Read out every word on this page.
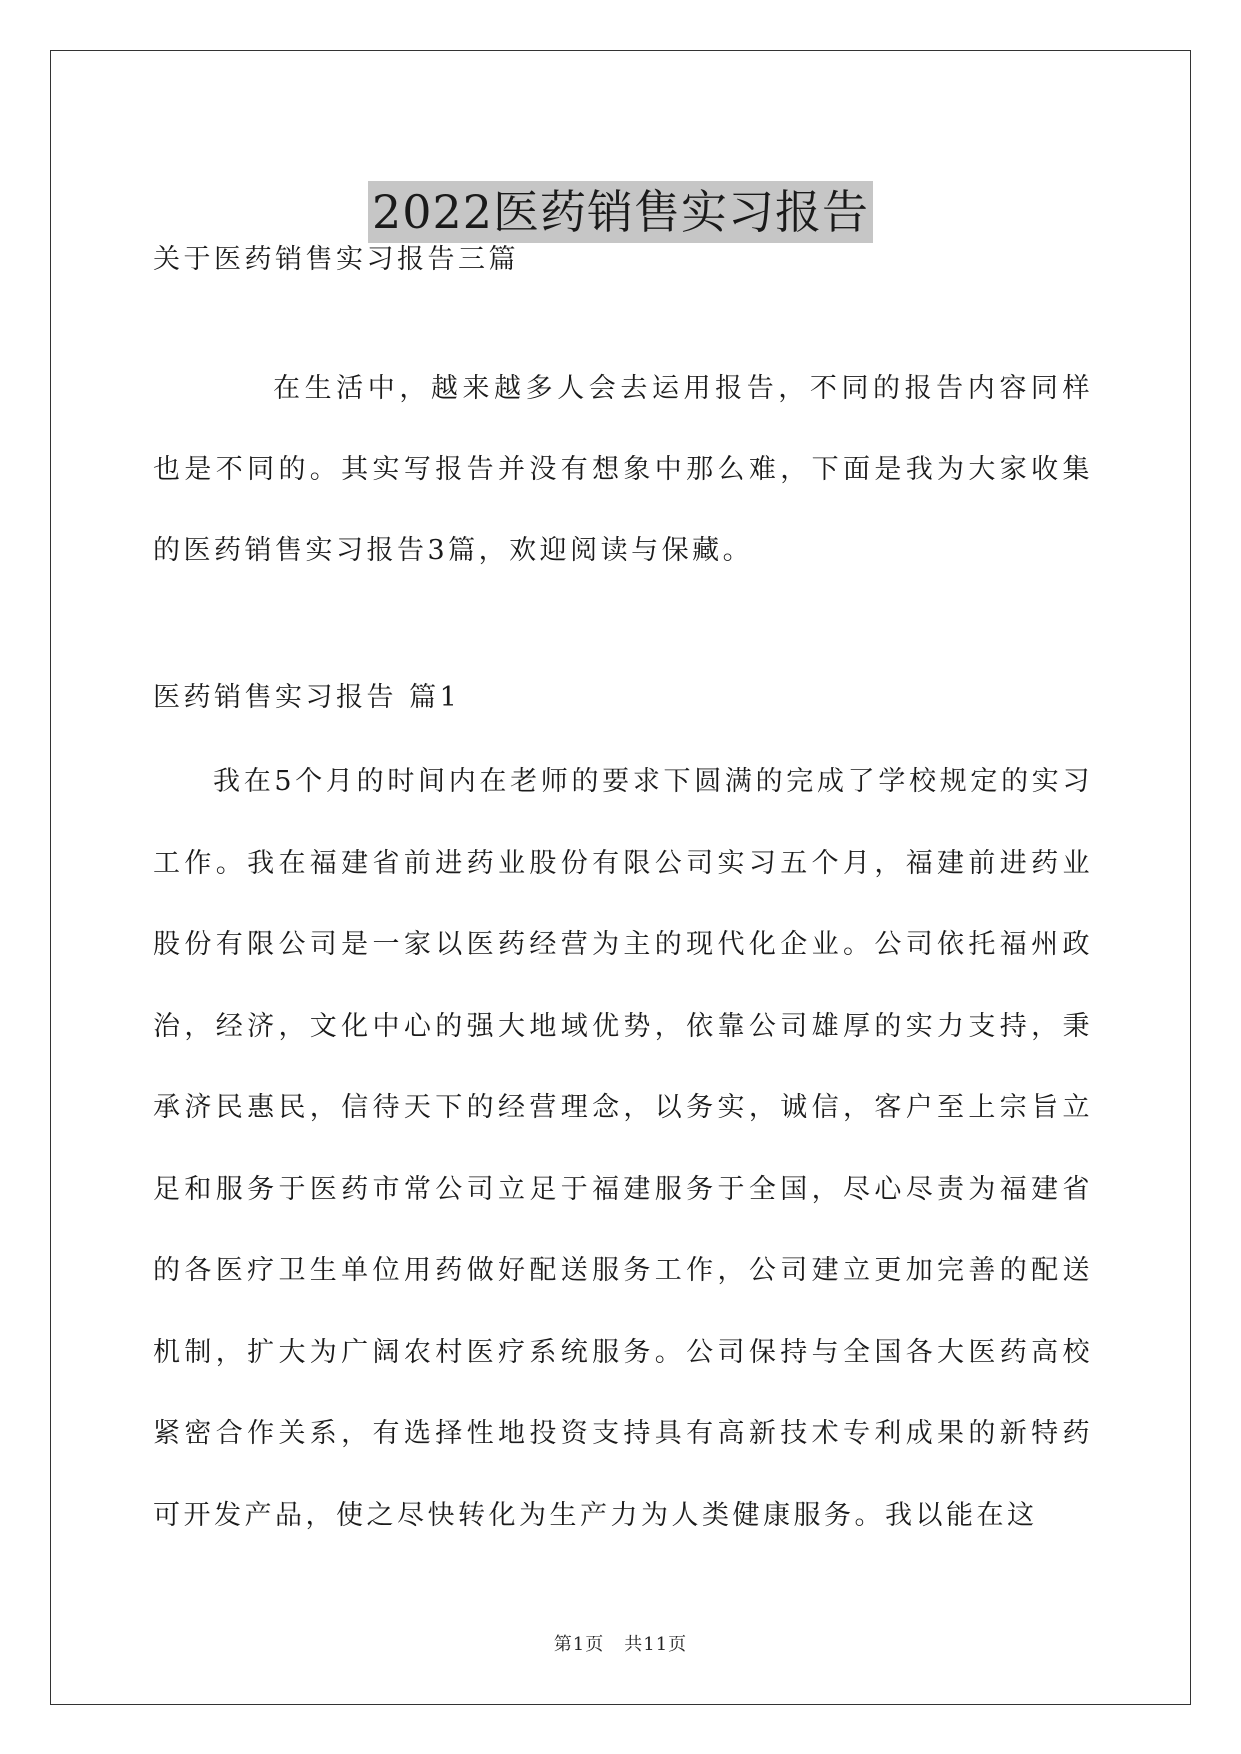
2022医药销售实习报告
关于医药销售实习报告三篇
在生活中，越来越多人会去运用报告，不同的报告内容同样也是不同的。其实写报告并没有想象中那么难，下面是我为大家收集的医药销售实习报告3篇，欢迎阅读与保藏。
医药销售实习报告 篇1
我在5个月的时间内在老师的要求下圆满的完成了学校规定的实习工作。我在福建省前进药业股份有限公司实习五个月，福建前进药业股份有限公司是一家以医药经营为主的现代化企业。公司依托福州政治，经济，文化中心的强大地域优势，依靠公司雄厚的实力支持，秉承济民惠民，信待天下的经营理念，以务实，诚信，客户至上宗旨立足和服务于医药市常公司立足于福建服务于全国，尽心尽责为福建省的各医疗卫生单位用药做好配送服务工作，公司建立更加完善的配送机制，扩大为广阔农村医疗系统服务。公司保持与全国各大医药高校紧密合作关系，有选择性地投资支持具有高新技术专利成果的新特药可开发产品，使之尽快转化为生产力为人类健康服务。我以能在这
第1页 共11页
